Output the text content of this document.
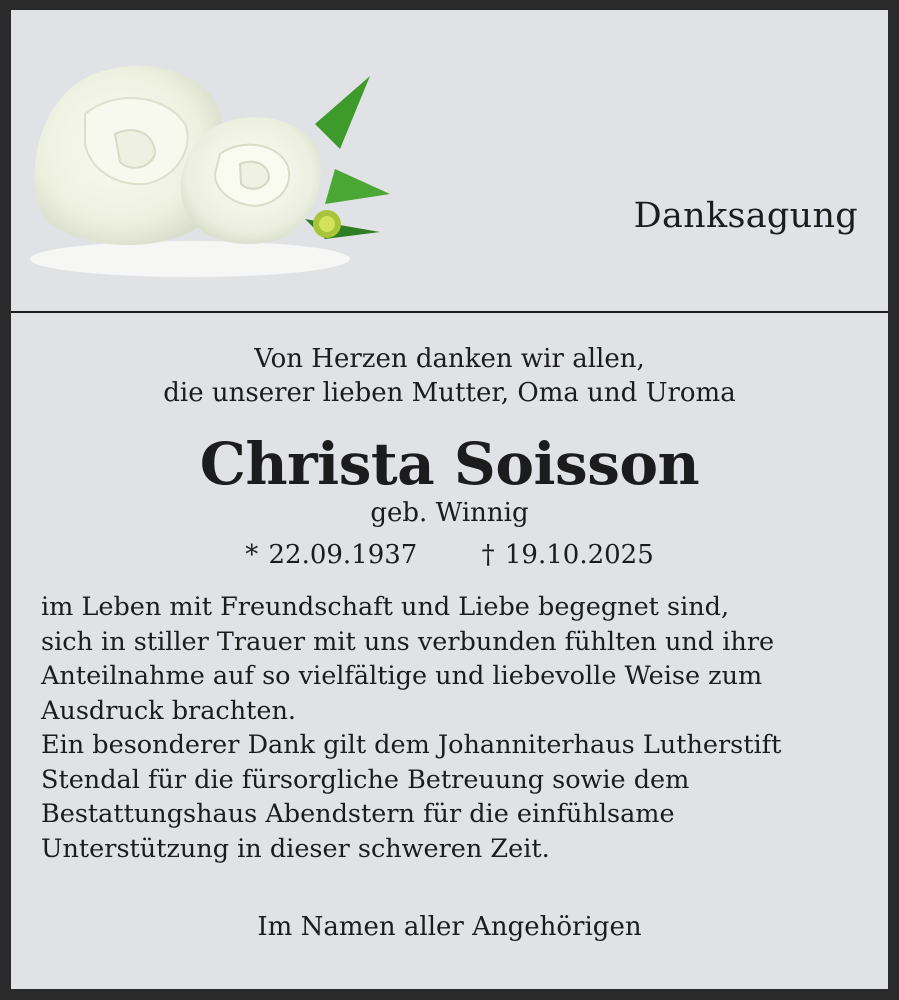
Danksagung
Von Herzen danken wir allen,
die unserer lieben Mutter, Oma und Uroma
Christa Soisson
geb. Winnig
* 22.09.1937 † 19.10.2025

im Leben mit Freundschaft und Liebe begegnet sind,

sich in stiller Trauer mit uns verbunden fühlten und ihre

Anteilnahme auf so vielfältige und liebevolle Weise zum

Ausdruck brachten.

Ein besonderer Dank gilt dem Johanniterhaus Lutherstift

Stendal für die fürsorgliche Betreuung sowie dem

Bestattungshaus Abendstern für die einfühlsame

Unterstützung in dieser schweren Zeit.

Im Namen aller Angehörigen
